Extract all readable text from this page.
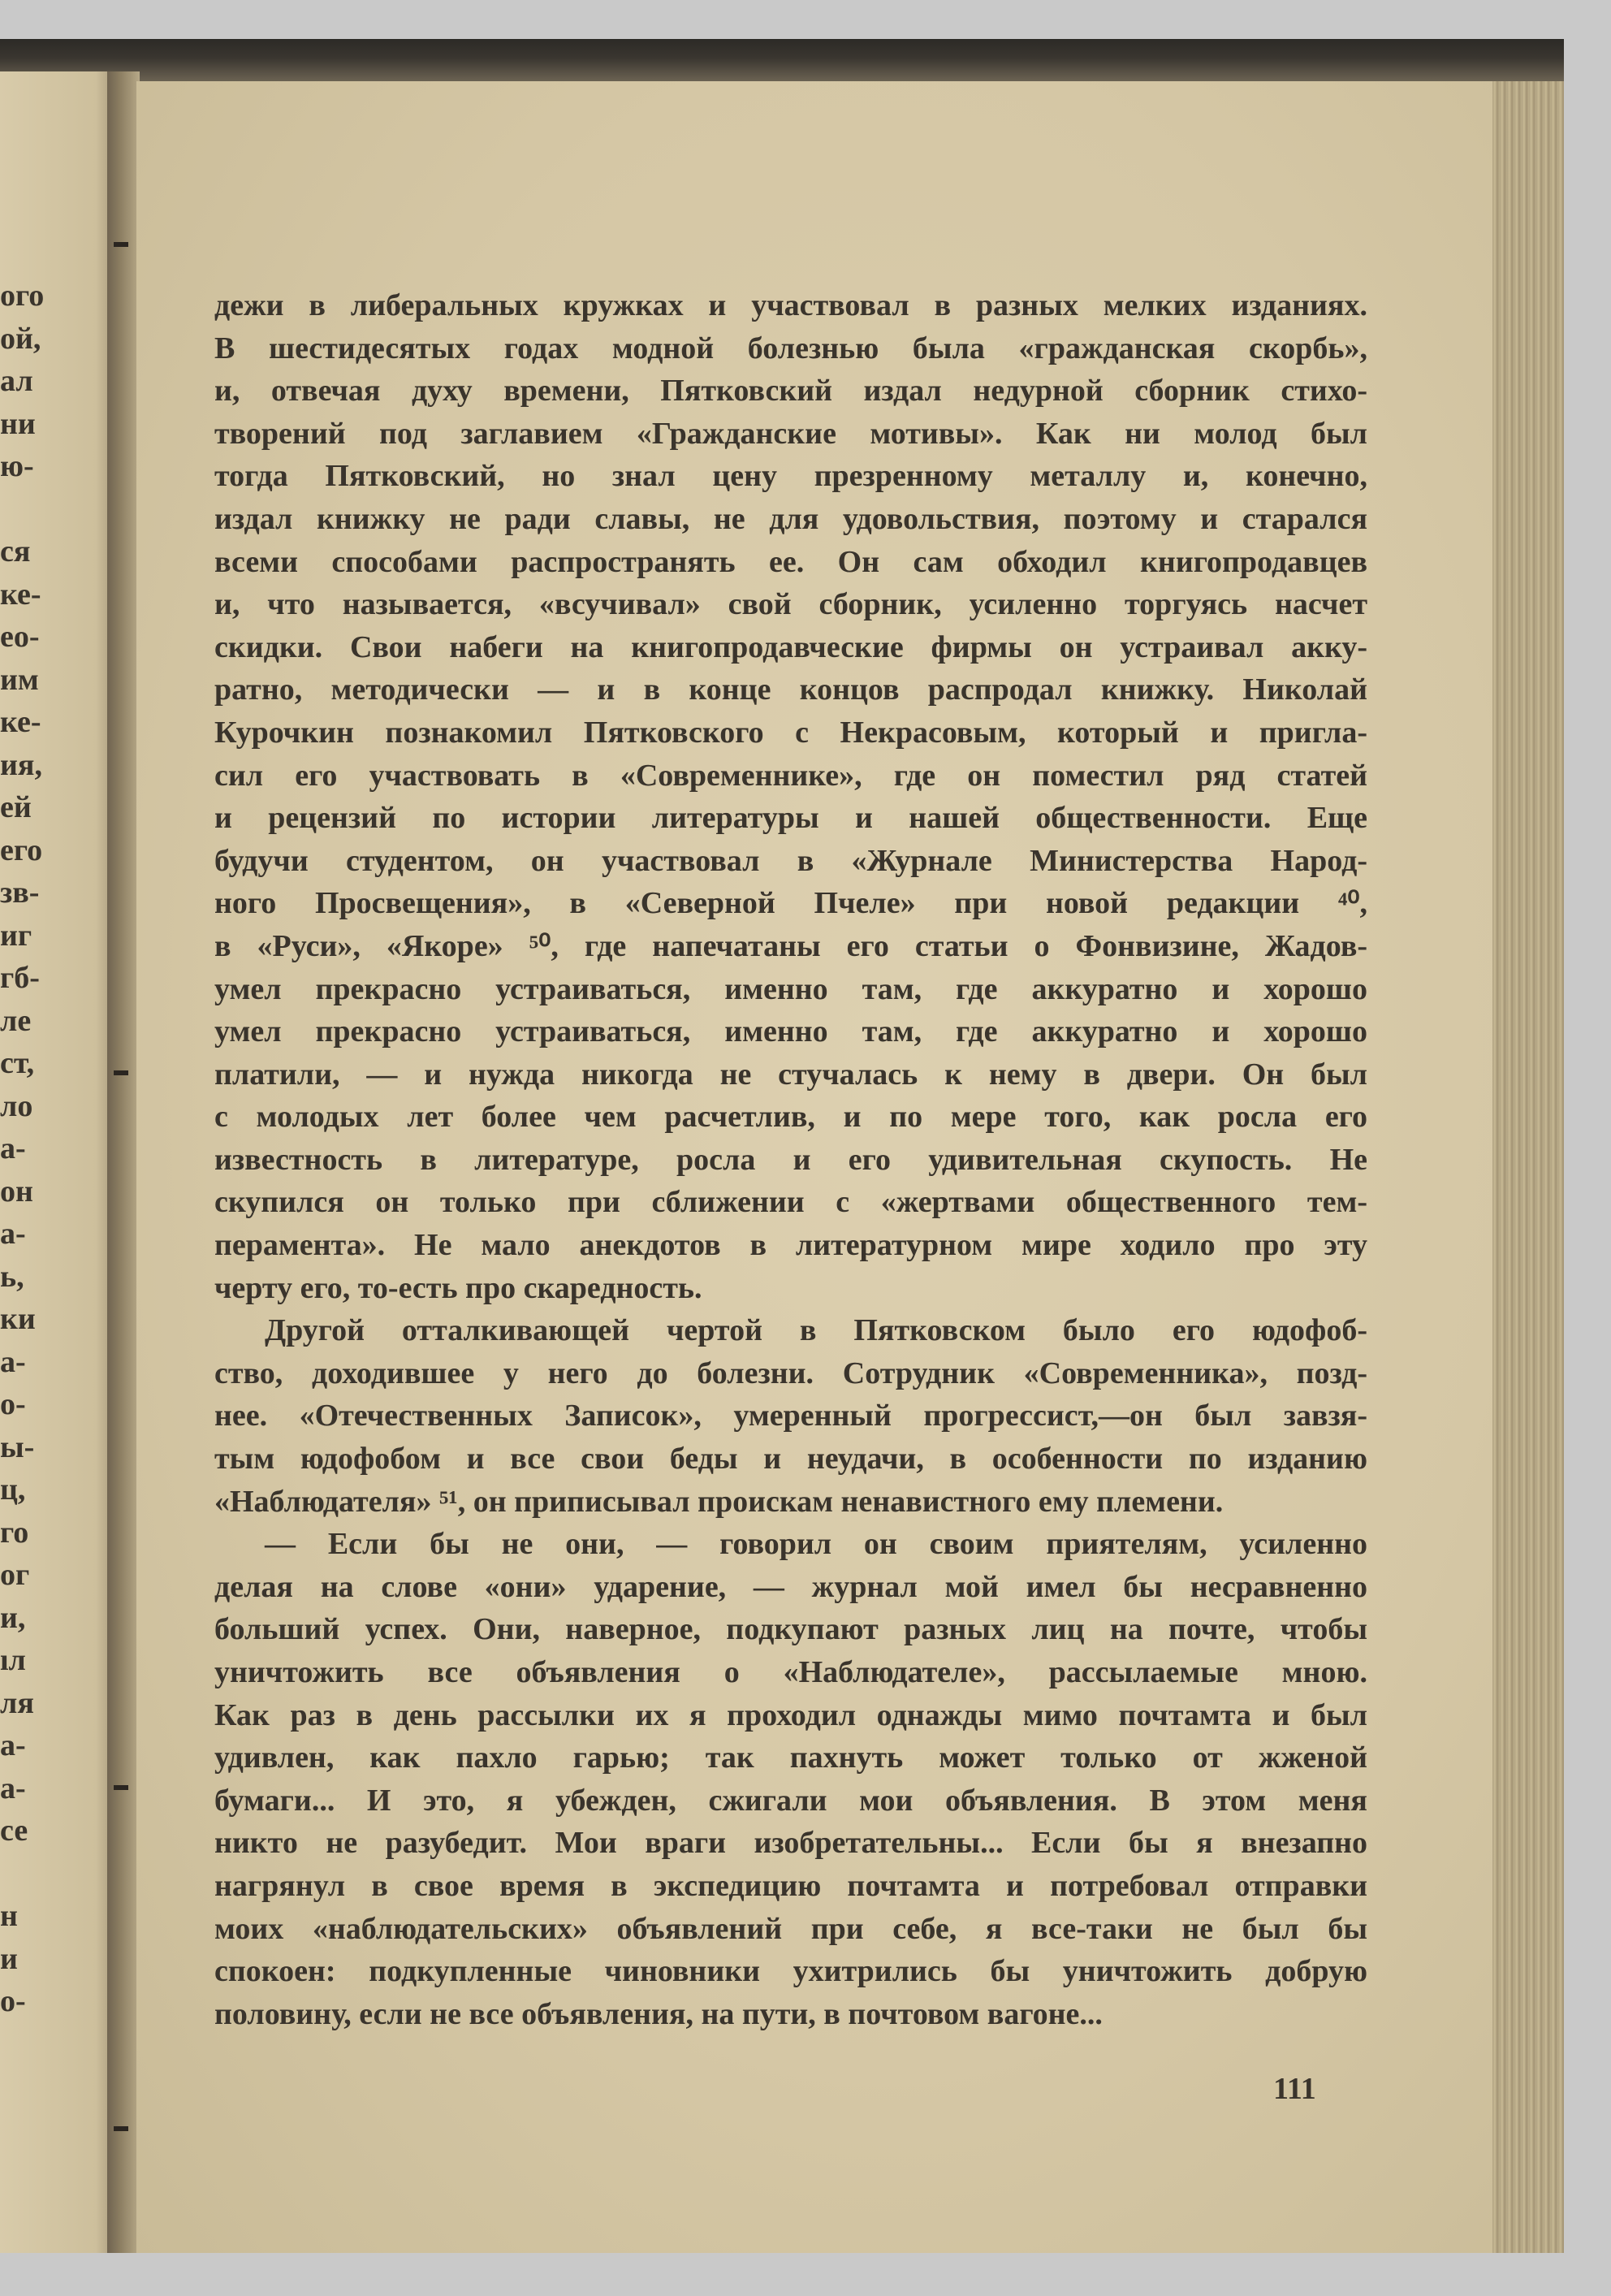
ого
ой,
ал
ни
ю-
ся
ке-
ео-
им
ке-
ия,
ей
его
зв-
иг
гб-
ле
ст,
ло
а-
он
а-
ь,
ки
а-
о-
ы-
ц,
го
ог
и,
ıл
ля
а-
а-
се
н
и
о-
дежи в либеральных кружках и участвовал в разных мелких изданиях.
В шестидесятых годах модной болезнью была «гражданская скорбь»,
и, отвечая духу времени, Пятковский издал недурной сборник стихо-
творений под заглавием «Гражданские мотивы». Как ни молод был
тогда Пятковский, но знал цену презренному металлу и, конечно,
издал книжку не ради славы, не для удовольствия, поэтому и старался
всеми способами распространять ее. Он сам обходил книгопродавцев
и, что называется, «всучивал» свой сборник, усиленно торгуясь насчет
скидки. Свои набеги на книгопродавческие фирмы он устраивал акку-
ратно, методически — и в конце концов распродал книжку. Николай
Курочкин познакомил Пятковского с Некрасовым, который и пригла-
сил его участвовать в «Современнике», где он поместил ряд статей
и рецензий по истории литературы и нашей общественности. Еще
будучи студентом, он участвовал в «Журнале Министерства Народ-
ного Просвещения», в «Северной Пчеле» при новой редакции ⁴⁰,
в «Руси», «Якоре» ⁵⁰, где напечатаны его статьи о Фонвизине, Жадов-
умел прекрасно устраиваться, именно там, где аккуратно и хорошо
умел прекрасно устраиваться, именно там, где аккуратно и хорошо
платили, — и нужда никогда не стучалась к нему в двери. Он был
с молодых лет более чем расчетлив, и по мере того, как росла его
известность в литературе, росла и его удивительная скупость. Не
скупился он только при сближении с «жертвами общественного тем-
перамента». Не мало анекдотов в литературном мире ходило про эту
черту его, то-есть про скаредность.
Другой отталкивающей чертой в Пятковском было его юдофоб-
ство, доходившее у него до болезни. Сотрудник «Современника», позд-
нее. «Отечественных Записок», умеренный прогрессист,—он был завзя-
тым юдофобом и все свои беды и неудачи, в особенности по изданию
«Наблюдателя» ⁵¹, он приписывал проискам ненавистного ему племени.
— Если бы не они, — говорил он своим приятелям, усиленно
делая на слове «они» ударение, — журнал мой имел бы несравненно
больший успех. Они, наверное, подкупают разных лиц на почте, чтобы
уничтожить все объявления о «Наблюдателе», рассылаемые мною.
Как раз в день рассылки их я проходил однажды мимо почтамта и был
удивлен, как пахло гарью; так пахнуть может только от жженой
бумаги... И это, я убежден, сжигали мои объявления. В этом меня
никто не разубедит. Мои враги изобретательны... Если бы я внезапно
нагрянул в свое время в экспедицию почтамта и потребовал отправки
моих «наблюдательских» объявлений при себе, я все-таки не был бы
спокоен: подкупленные чиновники ухитрились бы уничтожить добрую
половину, если не все объявления, на пути, в почтовом вагоне...
111
